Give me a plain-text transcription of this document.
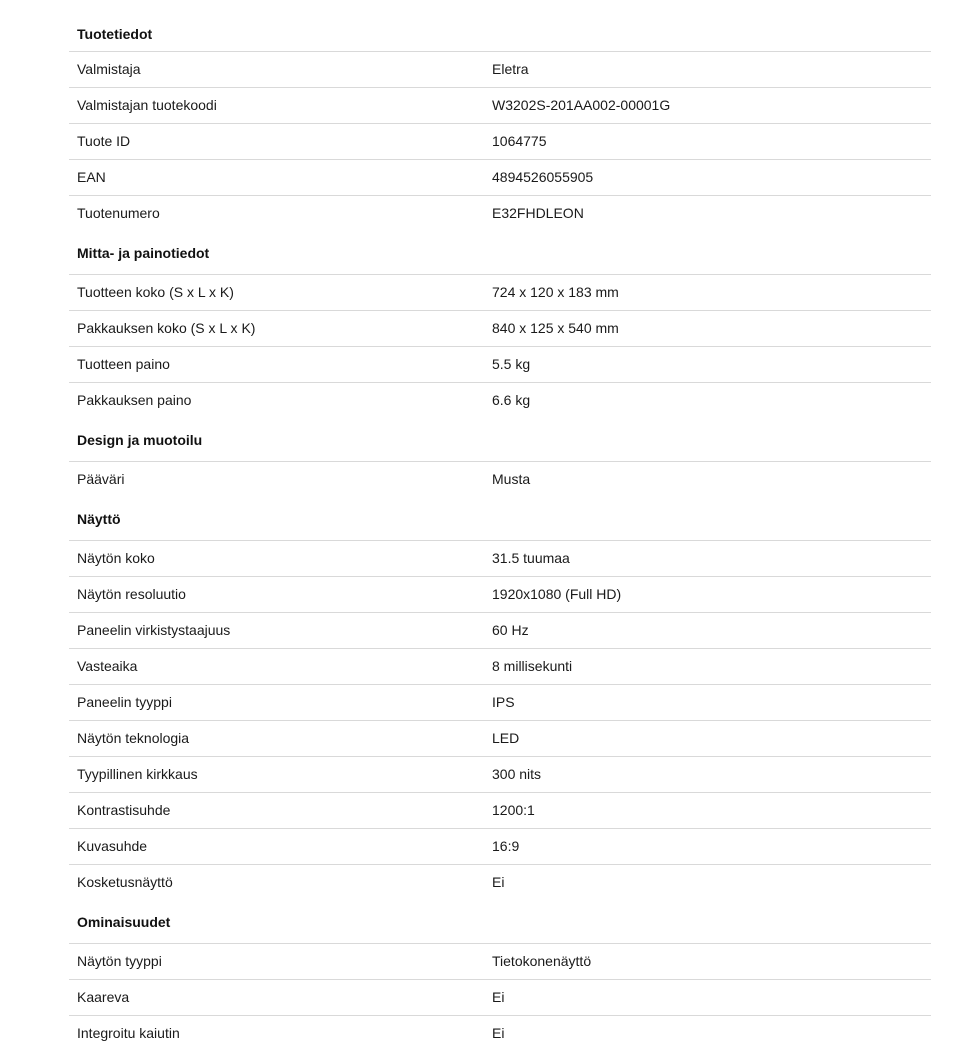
Tuotetiedot
Valmistaja	Eletra
Valmistajan tuotekoodi	W3202S-201AA002-00001G
Tuote ID	1064775
EAN	4894526055905
Tuotenumero	E32FHDLEON
Mitta- ja painotiedot
Tuotteen koko (S x L x K)	724 x 120 x 183 mm
Pakkauksen koko (S x L x K)	840 x 125 x 540 mm
Tuotteen paino	5.5 kg
Pakkauksen paino	6.6 kg
Design ja muotoilu
Pääväri	Musta
Näyttö
Näytön koko	31.5 tuumaa
Näytön resoluutio	1920x1080 (Full HD)
Paneelin virkistystaajuus	60 Hz
Vasteaika	8 millisekunti
Paneelin tyyppi	IPS
Näytön teknologia	LED
Tyypillinen kirkkaus	300 nits
Kontrastisuhde	1200:1
Kuvasuhde	16:9
Kosketusnäyttö	Ei
Ominaisuudet
Näytön tyyppi	Tietokonenäyttö
Kaareva	Ei
Integroitu kaiutin	Ei
